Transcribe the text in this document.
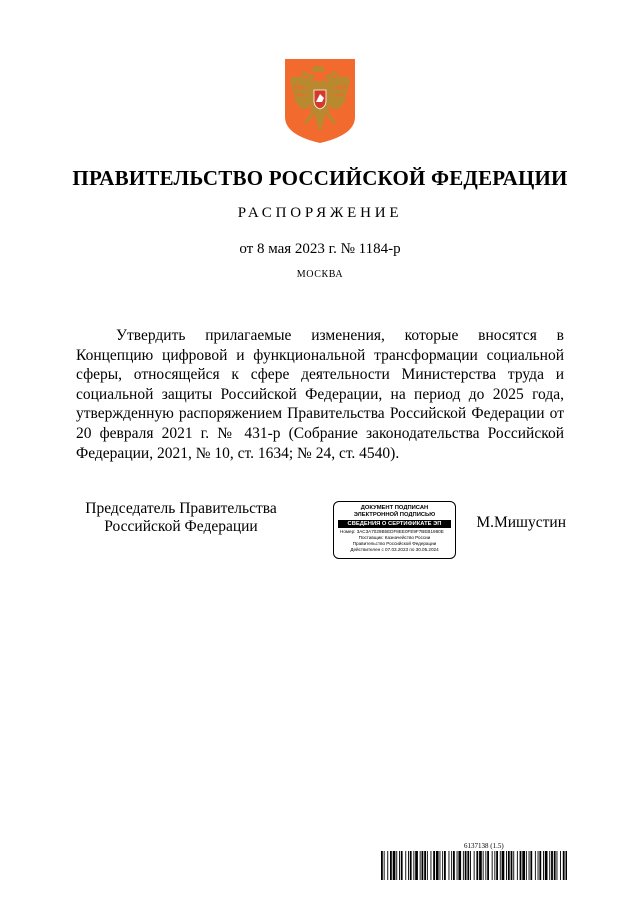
ПРАВИТЕЛЬСТВО РОССИЙСКОЙ ФЕДЕРАЦИИ
РАСПОРЯЖЕНИЕ
от 8 мая 2023 г. № 1184-р
МОСКВА
Утвердить прилагаемые изменения, которые вносятся в Концепцию цифровой и функциональной трансформации социальной сферы, относящейся к сфере деятельности Министерства труда и социальной защиты Российской Федерации, на период до 2025 года, утвержденную распоряжением Правительства Российской Федерации от 20 февраля 2021 г. № 431-р (Собрание законодательства Российской Федерации, 2021, № 10, ст. 1634; № 24, ст. 4540).
Председатель Правительства
Российской Федерации
ДОКУМЕНТ ПОДПИСАН
ЭЛЕКТРОННОЙ ПОДПИСЬЮ
СВЕДЕНИЯ О СЕРТИФИКАТЕ ЭП
Номер: 3AC3A7029B5EDF8EE0FE9F7BEB1980E
Поставщик: Казначейство России
Правительство Российской Федерации
Действителен с 07.03.2023 по 30.05.2024
М.Мишустин
6137138 (1.5)
